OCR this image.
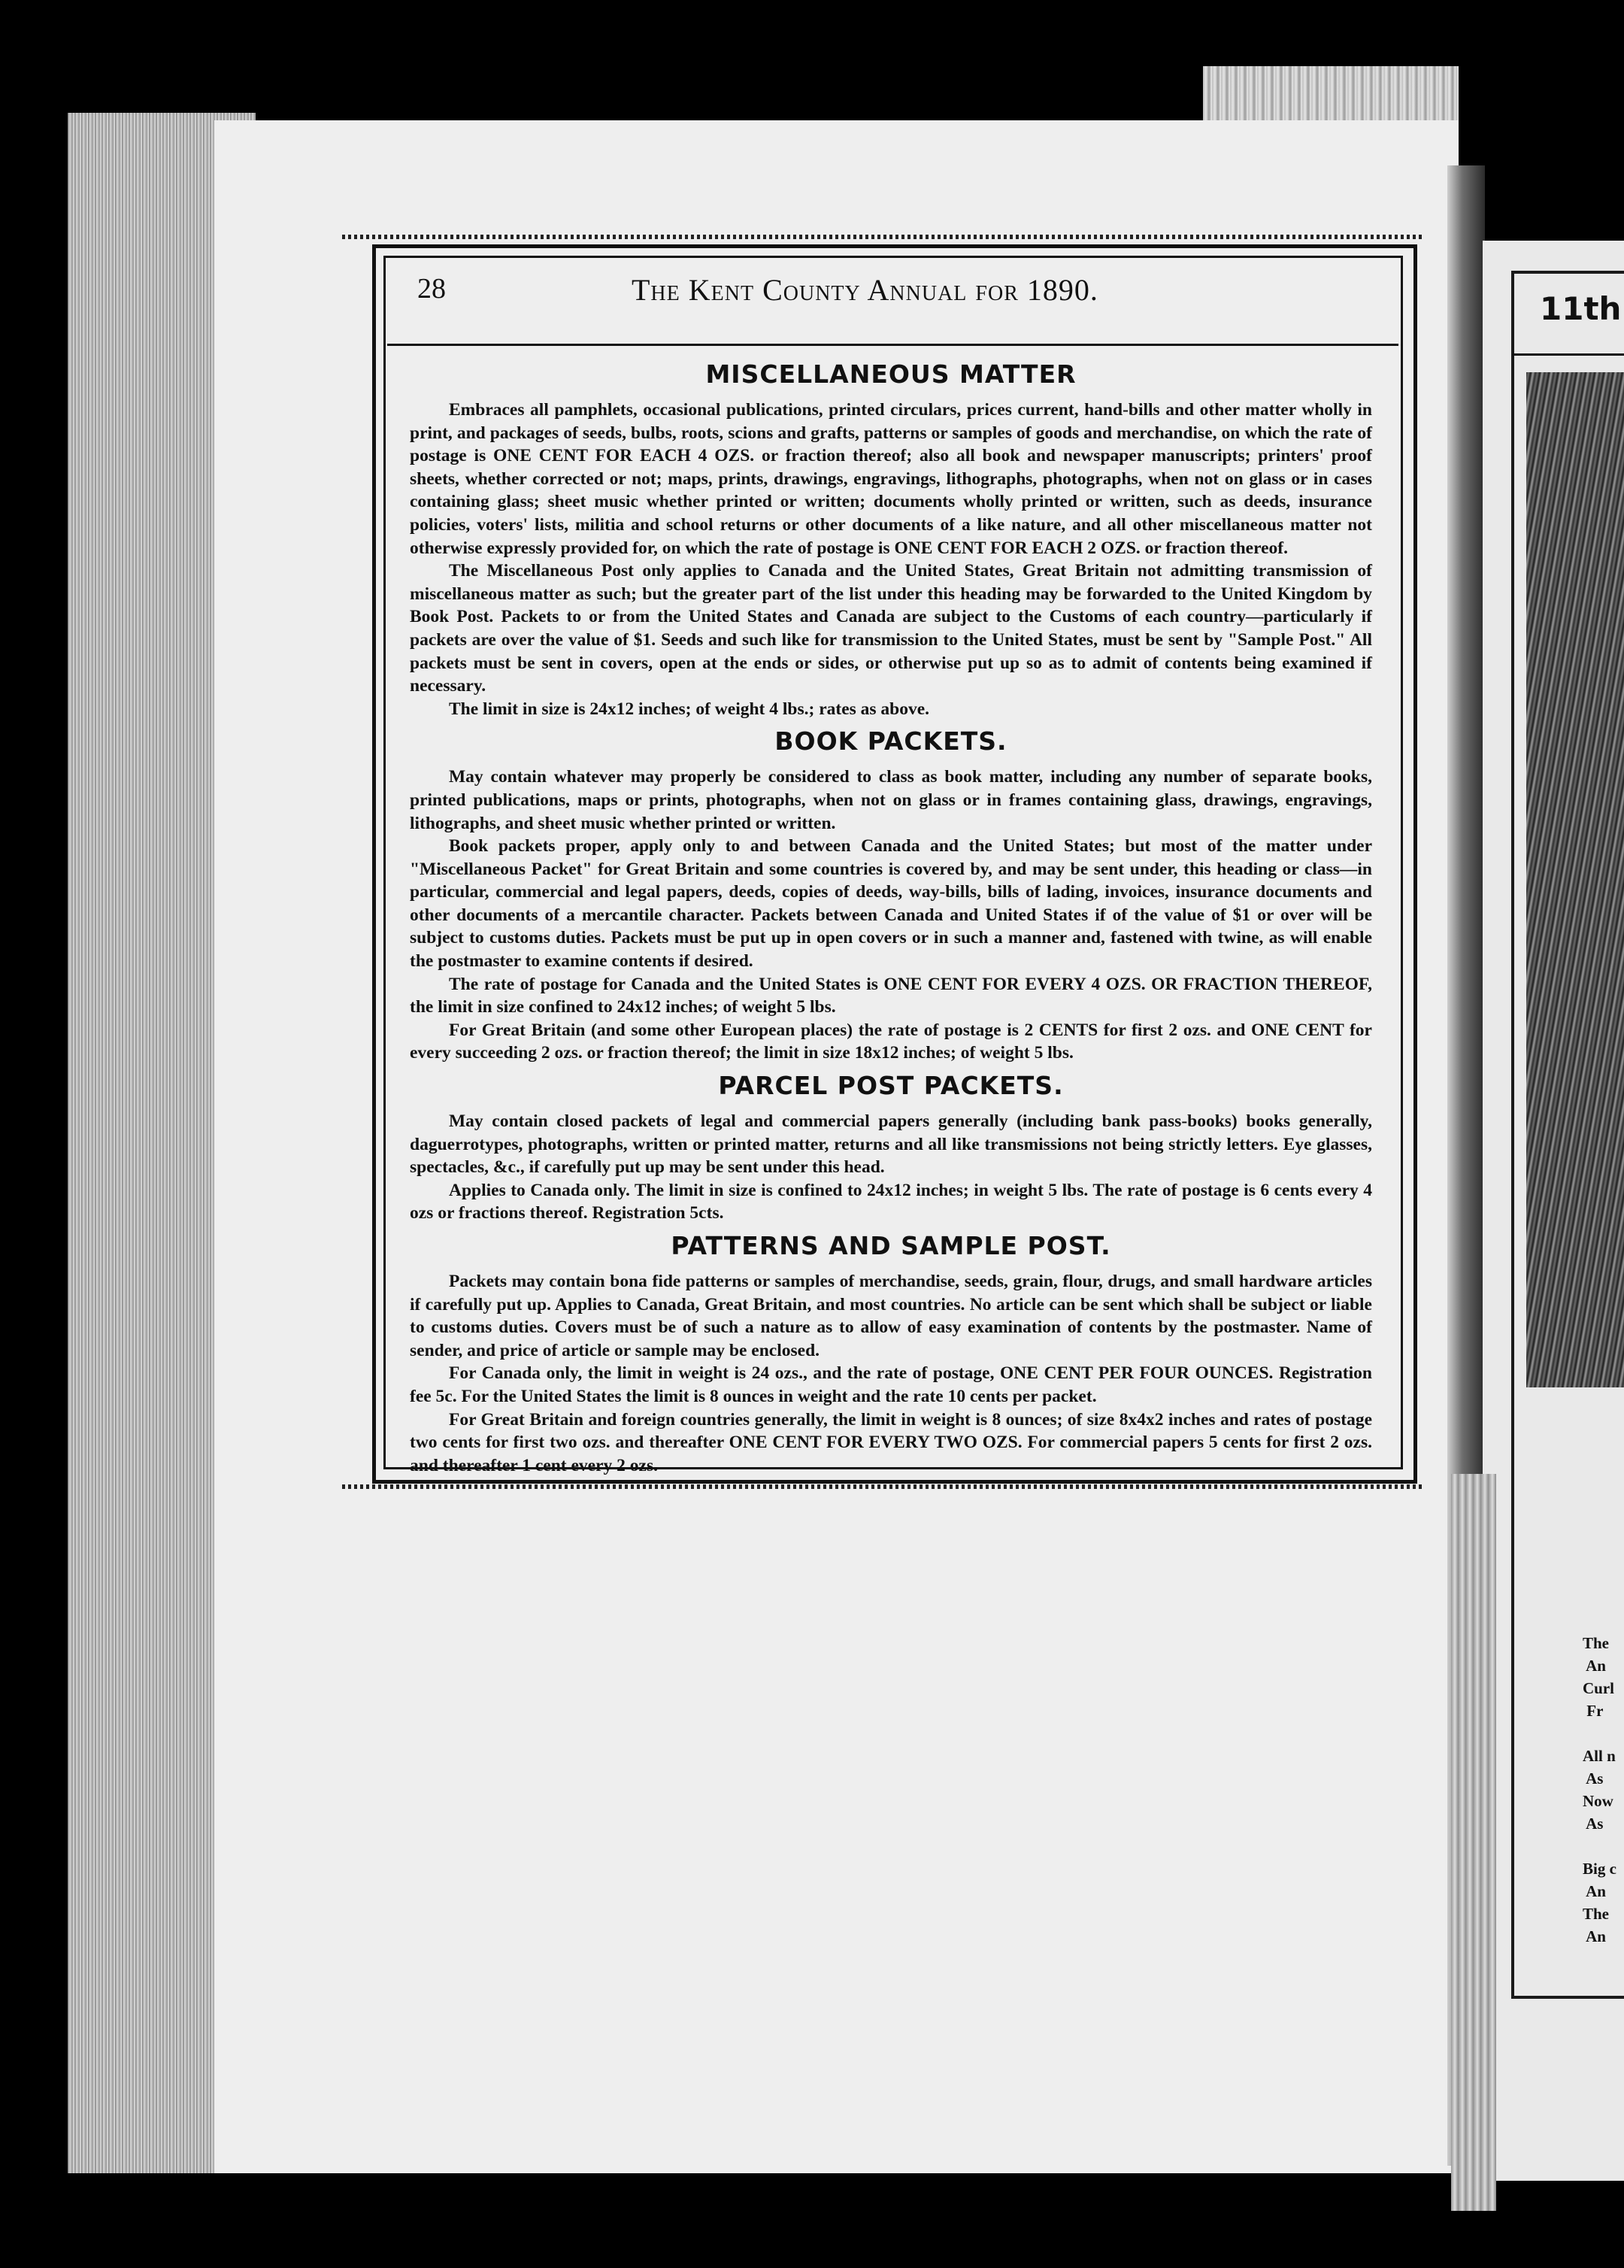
11th
The
An
Curl
Fr

All n
As
Now
As

Big c
An
The
An
28	The Kent County Annual for 1890.
MISCELLANEOUS MATTER

Embraces all pamphlets, occasional publications, printed circulars, prices current, hand-bills and other matter wholly in print, and packages of seeds, bulbs, roots, scions and grafts, patterns or samples of goods and merchandise, on which the rate of postage is ONE CENT FOR EACH 4 OZS. or fraction thereof; also all book and newspaper manuscripts; printers' proof sheets, whether corrected or not; maps, prints, drawings, engravings, lithographs, photographs, when not on glass or in cases containing glass; sheet music whether printed or written; documents wholly printed or written, such as deeds, insurance policies, voters' lists, militia and school returns or other documents of a like nature, and all other miscellaneous matter not otherwise expressly provided for, on which the rate of postage is ONE CENT FOR EACH 2 OZS. or fraction thereof.

The Miscellaneous Post only applies to Canada and the United States, Great Britain not admitting transmission of miscellaneous matter as such; but the greater part of the list under this heading may be forwarded to the United Kingdom by Book Post. Packets to or from the United States and Canada are subject to the Customs of each country—particularly if packets are over the value of $1. Seeds and such like for transmission to the United States, must be sent by "Sample Post." All packets must be sent in covers, open at the ends or sides, or otherwise put up so as to admit of contents being examined if necessary.

The limit in size is 24x12 inches; of weight 4 lbs.; rates as above.

BOOK PACKETS.

May contain whatever may properly be considered to class as book matter, including any number of separate books, printed publications, maps or prints, photographs, when not on glass or in frames containing glass, drawings, engravings, lithographs, and sheet music whether printed or written.

Book packets proper, apply only to and between Canada and the United States; but most of the matter under "Miscellaneous Packet" for Great Britain and some countries is covered by, and may be sent under, this heading or class—in particular, commercial and legal papers, deeds, copies of deeds, way-bills, bills of lading, invoices, insurance documents and other documents of a mercantile character. Packets between Canada and United States if of the value of $1 or over will be subject to customs duties. Packets must be put up in open covers or in such a manner and, fastened with twine, as will enable the postmaster to examine contents if desired.

The rate of postage for Canada and the United States is ONE CENT FOR EVERY 4 OZS. OR FRACTION THEREOF, the limit in size confined to 24x12 inches; of weight 5 lbs.

For Great Britain (and some other European places) the rate of postage is 2 CENTS for first 2 ozs. and ONE CENT for every succeeding 2 ozs. or fraction thereof; the limit in size 18x12 inches; of weight 5 lbs.

PARCEL POST PACKETS.

May contain closed packets of legal and commercial papers generally (including bank pass-books) books generally, daguerrotypes, photographs, written or printed matter, returns and all like transmissions not being strictly letters. Eye glasses, spectacles, &c., if carefully put up may be sent under this head.

Applies to Canada only. The limit in size is confined to 24x12 inches; in weight 5 lbs. The rate of postage is 6 cents every 4 ozs or fractions thereof. Registration 5cts.

PATTERNS AND SAMPLE POST.

Packets may contain bona fide patterns or samples of merchandise, seeds, grain, flour, drugs, and small hardware articles if carefully put up. Applies to Canada, Great Britain, and most countries. No article can be sent which shall be subject or liable to customs duties. Covers must be of such a nature as to allow of easy examination of contents by the postmaster. Name of sender, and price of article or sample may be enclosed.

For Canada only, the limit in weight is 24 ozs., and the rate of postage, ONE CENT PER FOUR OUNCES. Registration fee 5c. For the United States the limit is 8 ounces in weight and the rate 10 cents per packet.

For Great Britain and foreign countries generally, the limit in weight is 8 ounces; of size 8x4x2 inches and rates of postage two cents for first two ozs. and thereafter ONE CENT FOR EVERY TWO OZS. For commercial papers 5 cents for first 2 ozs. and thereafter 1 cent every 2 ozs.
